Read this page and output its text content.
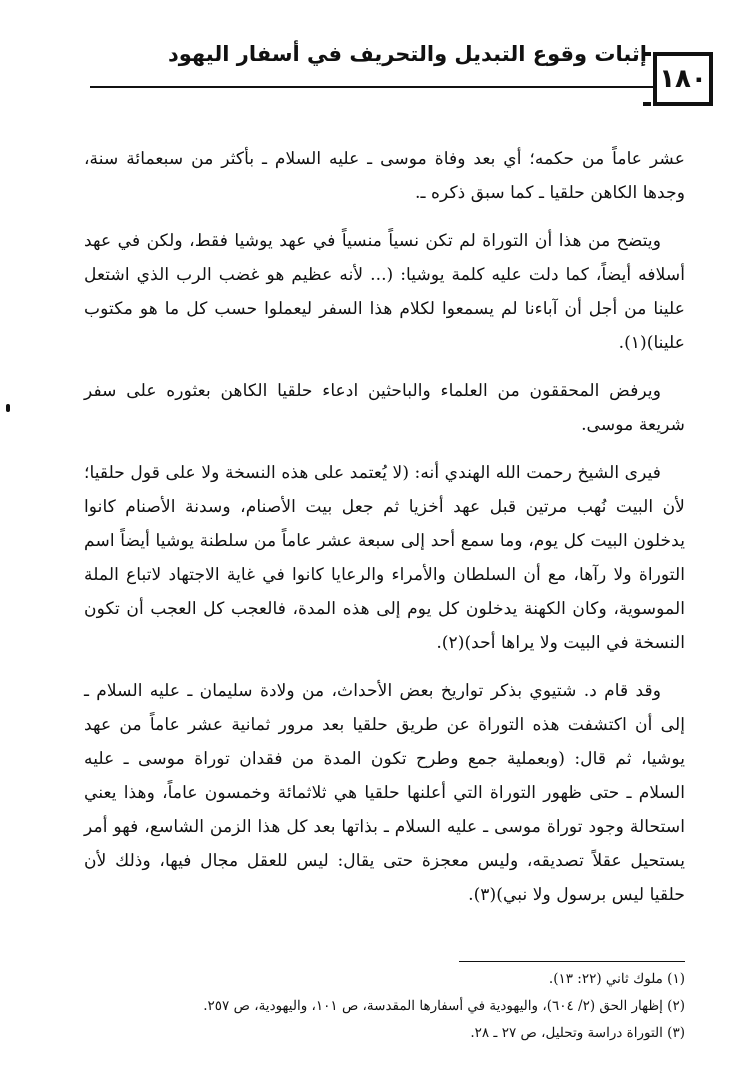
إثبات وقوع التبديل والتحريف في أسفار اليهود
١٨٠

عشر عاماً من حكمه؛ أي بعد وفاة موسى ـ عليه السلام ـ بأكثر من سبعمائة سنة، وجدها الكاهن حلقيا ـ كما سبق ذكره ـ.

ويتضح من هذا أن التوراة لم تكن نسياً منسياً في عهد يوشيا فقط، ولكن في عهد أسلافه أيضاً، كما دلت عليه كلمة يوشيا: (... لأنه عظيم هو غضب الرب الذي اشتعل علينا من أجل أن آباءنا لم يسمعوا لكلام هذا السفر ليعملوا حسب كل ما هو مكتوب علينا)(١).

ويرفض المحققون من العلماء والباحثين ادعاء حلقيا الكاهن بعثوره على سفر شريعة موسى.

فيرى الشيخ رحمت الله الهندي أنه: (لا يُعتمد على هذه النسخة ولا على قول حلقيا؛ لأن البيت نُهب مرتين قبل عهد أخزيا ثم جعل بيت الأصنام، وسدنة الأصنام كانوا يدخلون البيت كل يوم، وما سمع أحد إلى سبعة عشر عاماً من سلطنة يوشيا أيضاً اسم التوراة ولا رآها، مع أن السلطان والأمراء والرعايا كانوا في غاية الاجتهاد لاتباع الملة الموسوية، وكان الكهنة يدخلون كل يوم إلى هذه المدة، فالعجب كل العجب أن تكون النسخة في البيت ولا يراها أحد)(٢).

وقد قام د. شتيوي بذكر تواريخ بعض الأحداث، من ولادة سليمان ـ عليه السلام ـ إلى أن اكتشفت هذه التوراة عن طريق حلقيا بعد مرور ثمانية عشر عاماً من عهد يوشيا، ثم قال: (وبعملية جمع وطرح تكون المدة من فقدان توراة موسى ـ عليه السلام ـ حتى ظهور التوراة التي أعلنها حلقيا هي ثلاثمائة وخمسون عاماً، وهذا يعني استحالة وجود توراة موسى ـ عليه السلام ـ بذاتها بعد كل هذا الزمن الشاسع، فهو أمر يستحيل عقلاً تصديقه، وليس معجزة حتى يقال: ليس للعقل مجال فيها، وذلك لأن حلقيا ليس برسول ولا نبي)(٣).

(١) ملوك ثاني (٢٢: ١٣).

(٢) إظهار الحق (٢/ ٦٠٤)، واليهودية في أسفارها المقدسة، ص ١٠١، واليهودية، ص ٢٥٧.

(٣) التوراة دراسة وتحليل، ص ٢٧ ـ ٢٨.
